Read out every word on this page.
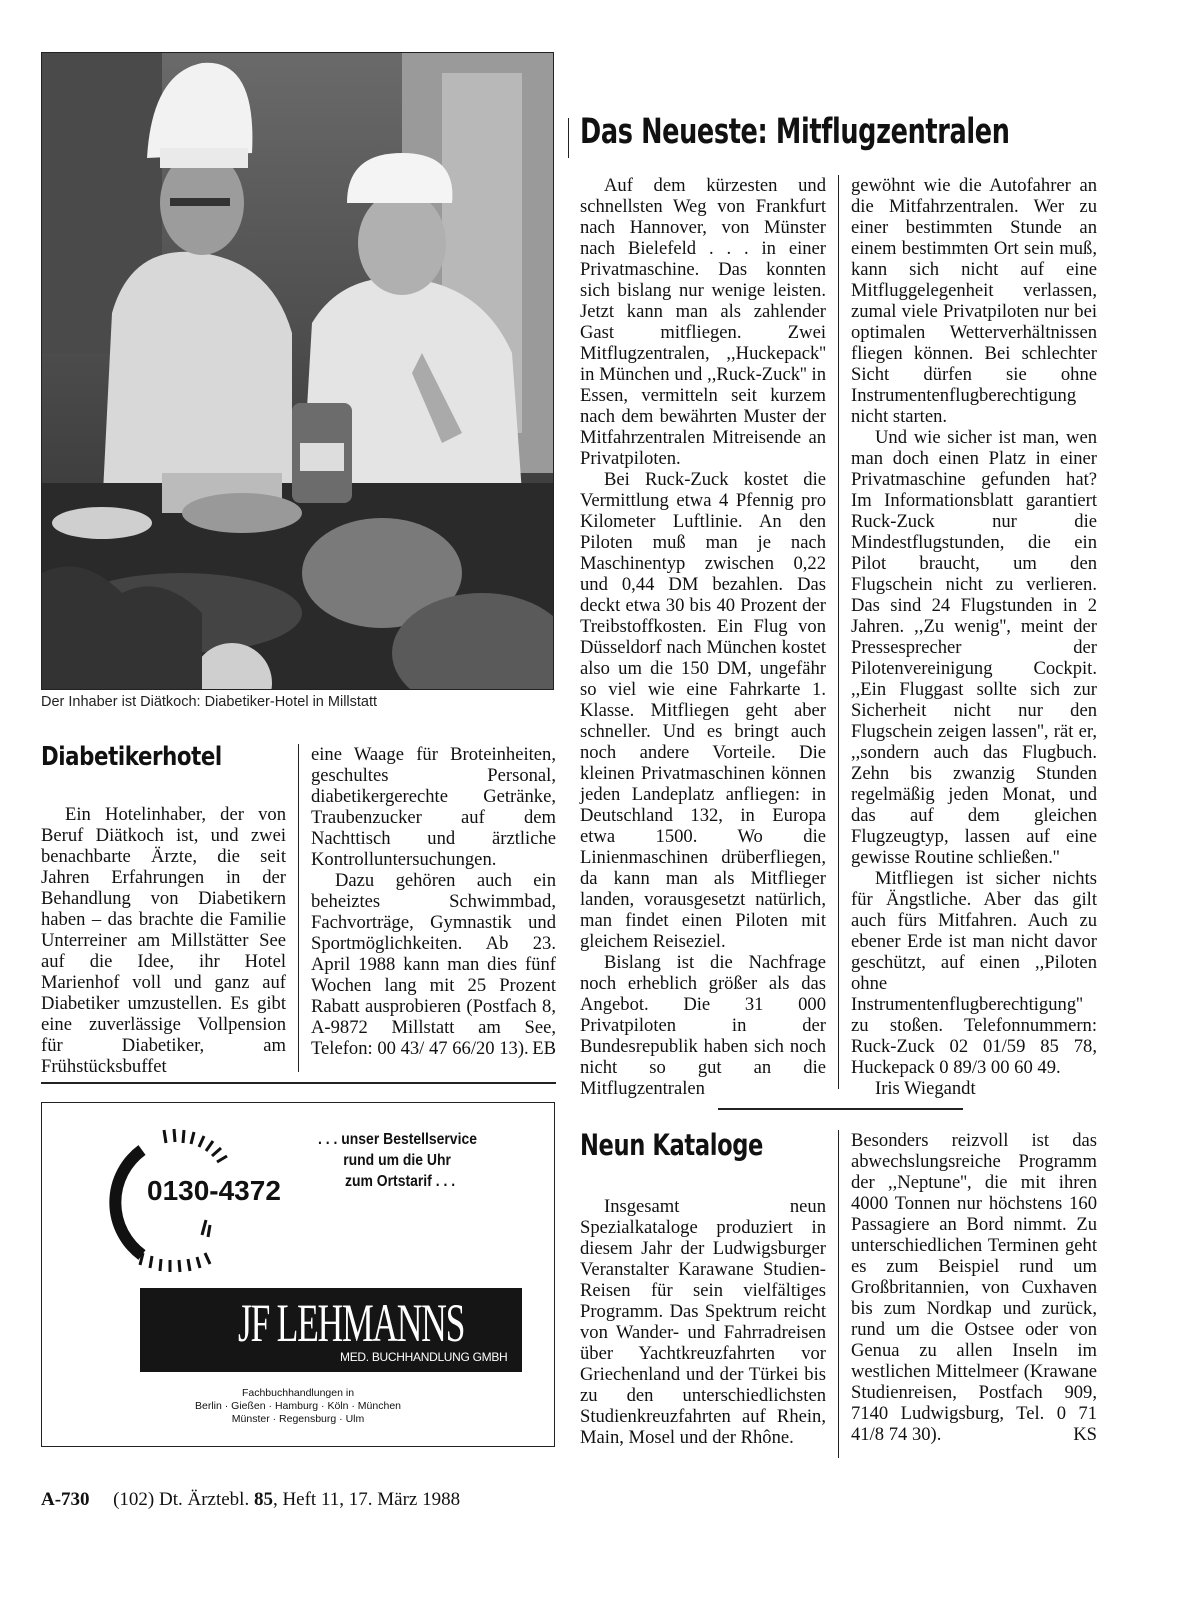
Der Inhaber ist Diätkoch: Diabetiker-Hotel in Millstatt
Diabetikerhotel

Ein Hotelinhaber, der von Beruf Diätkoch ist, und zwei benachbarte Ärzte, die seit Jahren Erfahrungen in der Behandlung von Diabetikern haben – das brachte die Familie Unterreiner am Millstätter See auf die Idee, ihr Hotel Marienhof voll und ganz auf Diabetiker umzustellen. Es gibt eine zuverlässige Vollpension für Diabetiker, am Frühstücksbuffet

eine Waage für Broteinheiten, geschultes Personal, diabetikergerechte Getränke, Traubenzucker auf dem Nachttisch und ärztliche Kontrolluntersuchungen.

Dazu gehören auch ein beheiztes Schwimmbad, Fachvorträge, Gymnastik und Sportmöglichkeiten. Ab 23. April 1988 kann man dies fünf Wochen lang mit 25 Prozent Rabatt ausprobieren (Postfach 8, A-9872 Millstatt am See, Telefon: 00 43/ 47 66/20 13). EB
0130-4372
. . . unser Bestellservice
rund um die Uhr
zum Ortstarif . . .
JF LEHMANNS
MED. BUCHHANDLUNG GMBH
Fachbuchhandlungen in
Berlin · Gießen · Hamburg · Köln · München
Münster · Regensburg · Ulm
Das Neueste: Mitflugzentralen

Auf dem kürzesten und schnellsten Weg von Frankfurt nach Hannover, von Münster nach Bielefeld . . . in einer Privatmaschine. Das konnten sich bislang nur wenige leisten. Jetzt kann man als zahlender Gast mitfliegen. Zwei Mitflugzentralen, ,,Huckepack'' in München und ,,Ruck-Zuck'' in Essen, vermitteln seit kurzem nach dem bewährten Muster der Mitfahrzentralen Mitreisende an Privatpiloten.

Bei Ruck-Zuck kostet die Vermittlung etwa 4 Pfennig pro Kilometer Luftlinie. An den Piloten muß man je nach Maschinentyp zwischen 0,22 und 0,44 DM bezahlen. Das deckt etwa 30 bis 40 Prozent der Treibstoffkosten. Ein Flug von Düsseldorf nach München kostet also um die 150 DM, ungefähr so viel wie eine Fahrkarte 1. Klasse. Mitfliegen geht aber schneller. Und es bringt auch noch andere Vorteile. Die kleinen Privatmaschinen können jeden Landeplatz anfliegen: in Deutschland 132, in Europa etwa 1500. Wo die Linienmaschinen drüberfliegen, da kann man als Mitflieger landen, vorausgesetzt natürlich, man findet einen Piloten mit gleichem Reiseziel.

Bislang ist die Nachfrage noch erheblich größer als das Angebot. Die 31 000 Privatpiloten in der Bundesrepublik haben sich noch nicht so gut an die Mitflugzentralen

gewöhnt wie die Autofahrer an die Mitfahrzentralen. Wer zu einer bestimmten Stunde an einem bestimmten Ort sein muß, kann sich nicht auf eine Mitfluggelegenheit verlassen, zumal viele Privatpiloten nur bei optimalen Wetterverhältnissen fliegen können. Bei schlechter Sicht dürfen sie ohne Instrumentenflugberechtigung nicht starten.

Und wie sicher ist man, wen man doch einen Platz in einer Privatmaschine gefunden hat? Im Informationsblatt garantiert Ruck-Zuck nur die Mindestflugstunden, die ein Pilot braucht, um den Flugschein nicht zu verlieren. Das sind 24 Flugstunden in 2 Jahren. ,,Zu wenig'', meint der Pressesprecher der Pilotenvereinigung Cockpit. ,,Ein Fluggast sollte sich zur Sicherheit nicht nur den Flugschein zeigen lassen'', rät er, ,,sondern auch das Flugbuch. Zehn bis zwanzig Stunden regelmäßig jeden Monat, und das auf dem gleichen Flugzeugtyp, lassen auf eine gewisse Routine schließen.''

Mitfliegen ist sicher nichts für Ängstliche. Aber das gilt auch fürs Mitfahren. Auch zu ebener Erde ist man nicht davor geschützt, auf einen ,,Piloten ohne Instrumentenflugberechtigung'' zu stoßen. Telefonnummern: Ruck-Zuck 02 01/59 85 78, Huckepack 0 89/3 00 60 49.

Iris Wiegandt

Neun Kataloge

Insgesamt neun Spezialkataloge produziert in diesem Jahr der Ludwigsburger Veranstalter Karawane Studien-Reisen für sein vielfältiges Programm. Das Spektrum reicht von Wander- und Fahrradreisen über Yachtkreuzfahrten vor Griechenland und der Türkei bis zu den unterschiedlichsten Studienkreuzfahrten auf Rhein, Main, Mosel und der Rhône.

Besonders reizvoll ist das abwechslungsreiche Programm der ,,Neptune'', die mit ihren 4000 Tonnen nur höchstens 160 Passagiere an Bord nimmt. Zu unterschiedlichen Terminen geht es zum Beispiel rund um Großbritannien, von Cuxhaven bis zum Nordkap und zurück, rund um die Ostsee oder von Genua zu allen Inseln im westlichen Mittelmeer (Krawane Studienreisen, Postfach 909, 7140 Ludwigsburg, Tel. 0 71 41/8 74 30).	KS
A-730 (102) Dt. Ärztebl. 85, Heft 11, 17. März 1988
